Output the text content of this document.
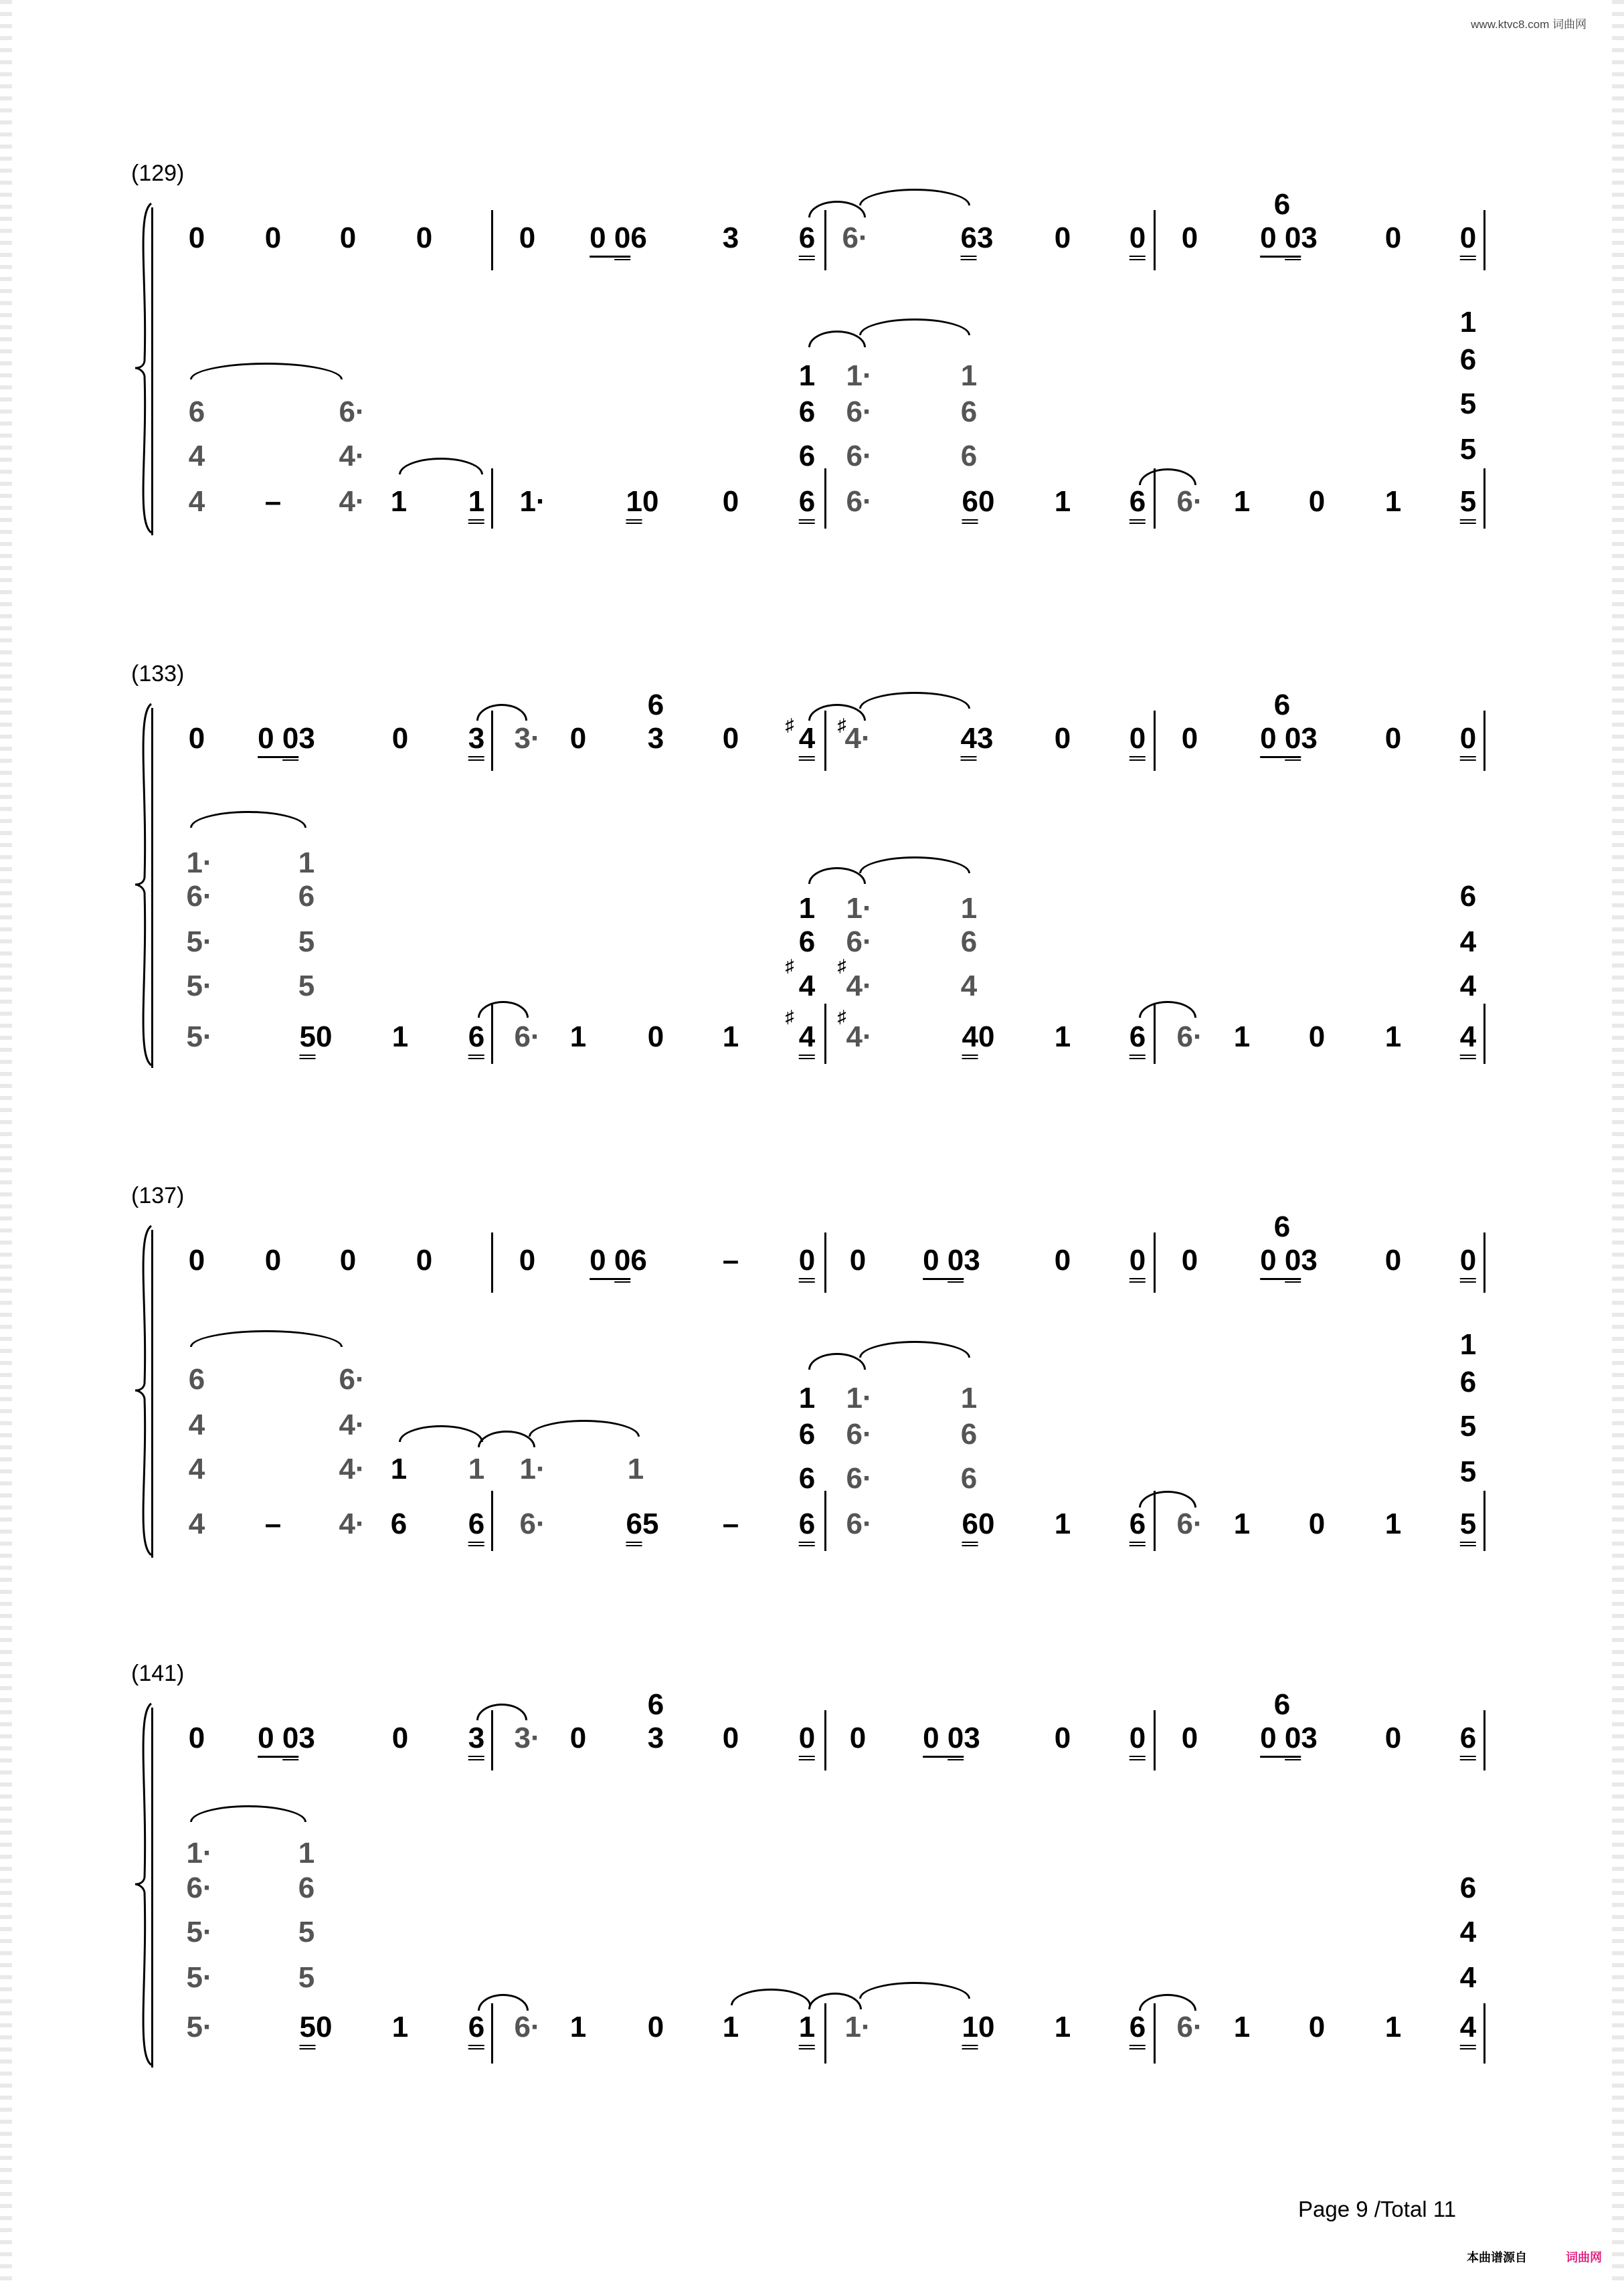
www.ktvc8.com 词曲网
(129)
0 0 0 0	0 0 06	3 6 6·	63 0 0 0
6
0 03 0 0
6
4
4 –
6·
4·
4· 1 1 1·	10 0
1
6
6
6
1·
6·
6·
6·
1
6
6
60 1 6 6· 1 0 1
1
6
5
5
5
(133)
0 0 03	0 3 3· 0
6
3 0	♯ 4 ♯
4·	43 0 0 0
6
0 03 0 0
1·
6·
5·
5·
5·
1
6
5
5
50 1 6 6· 1 0 1
1
6
♯
4
♯
4
1·
6·
♯
4·
♯
4·
1
6
4
40 1 6 6· 1 0 1
6
4
4
4
(137)
0 0 0 0	0 0 06	– 0 0 0 03	0 0 0
6
0 03 0 0
6
4
4
4 –
6·
4·
4·
4·
1
6
1
6
1·
6·
1
65 –
1
6
6
6
1·
6·
6·
6·
1
6
6
60 1 6 6· 1 0 1
1
6
5
5
5
(141)
0 0 03	0 3 3· 0
6
3 0 0 0 0 03	0 0 0
6
0 03 0 6
1·
6·
5·
5·
5·
1
6
5
5
50 1 6 6· 1 0 1 1 1·	10 1 6 6· 1 0 1
6
4
4
4
Page 9 /Total 11
本曲谱源自	词曲网
